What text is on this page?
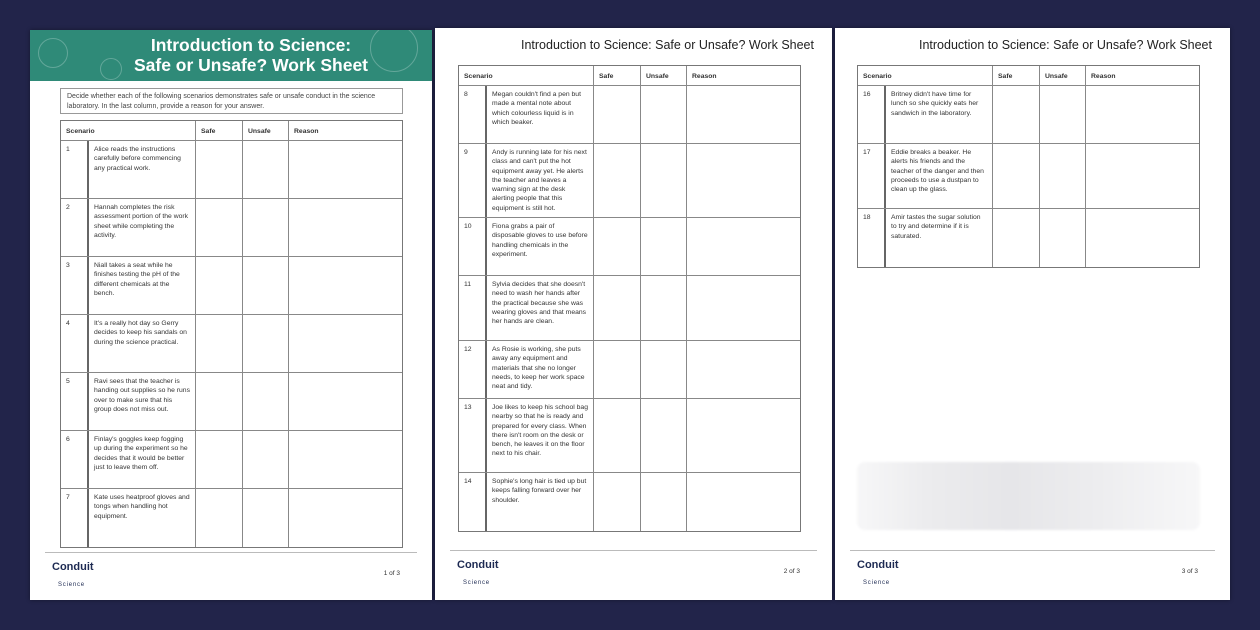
Introduction to Science:
Safe or Unsafe? Work Sheet
Decide whether each of the following scenarios demonstrates safe or unsafe conduct in the science laboratory. In the last column, provide a reason for your answer.
Scenario	Safe	Unsafe	Reason
1	Alice reads the instructions carefully before commencing any practical work.
2	Hannah completes the risk assessment portion of the work sheet while completing the activity.
3	Niall takes a seat while he finishes testing the pH of the different chemicals at the bench.
4	It's a really hot day so Gerry decides to keep his sandals on during the science practical.
5	Ravi sees that the teacher is handing out supplies so he runs over to make sure that his group does not miss out.
6	Finlay's goggles keep fogging up during the experiment so he decides that it would be better just to leave them off.
7	Kate uses heatproof gloves and tongs when handling hot equipment.
Conduit
Science
1 of 3
Introduction to Science: Safe or Unsafe? Work Sheet
Scenario	Safe	Unsafe	Reason
8	Megan couldn't find a pen but made a mental note about which colourless liquid is in which beaker.
9	Andy is running late for his next class and can't put the hot equipment away yet. He alerts the teacher and leaves a warning sign at the desk alerting people that this equipment is still hot.
10	Fiona grabs a pair of disposable gloves to use before handling chemicals in the experiment.
11	Sylvia decides that she doesn't need to wash her hands after the practical because she was wearing gloves and that means her hands are clean.
12	As Rosie is working, she puts away any equipment and materials that she no longer needs, to keep her work space neat and tidy.
13	Joe likes to keep his school bag nearby so that he is ready and prepared for every class. When there isn't room on the desk or bench, he leaves it on the floor next to his chair.
14	Sophie's long hair is tied up but keeps falling forward over her shoulder.
Conduit
Science
2 of 3
Introduction to Science: Safe or Unsafe? Work Sheet
Scenario	Safe	Unsafe	Reason
16	Britney didn't have time for lunch so she quickly eats her sandwich in the laboratory.
17	Eddie breaks a beaker. He alerts his friends and the teacher of the danger and then proceeds to use a dustpan to clean up the glass.
18	Amir tastes the sugar solution to try and determine if it is saturated.
Conduit
Science
3 of 3
